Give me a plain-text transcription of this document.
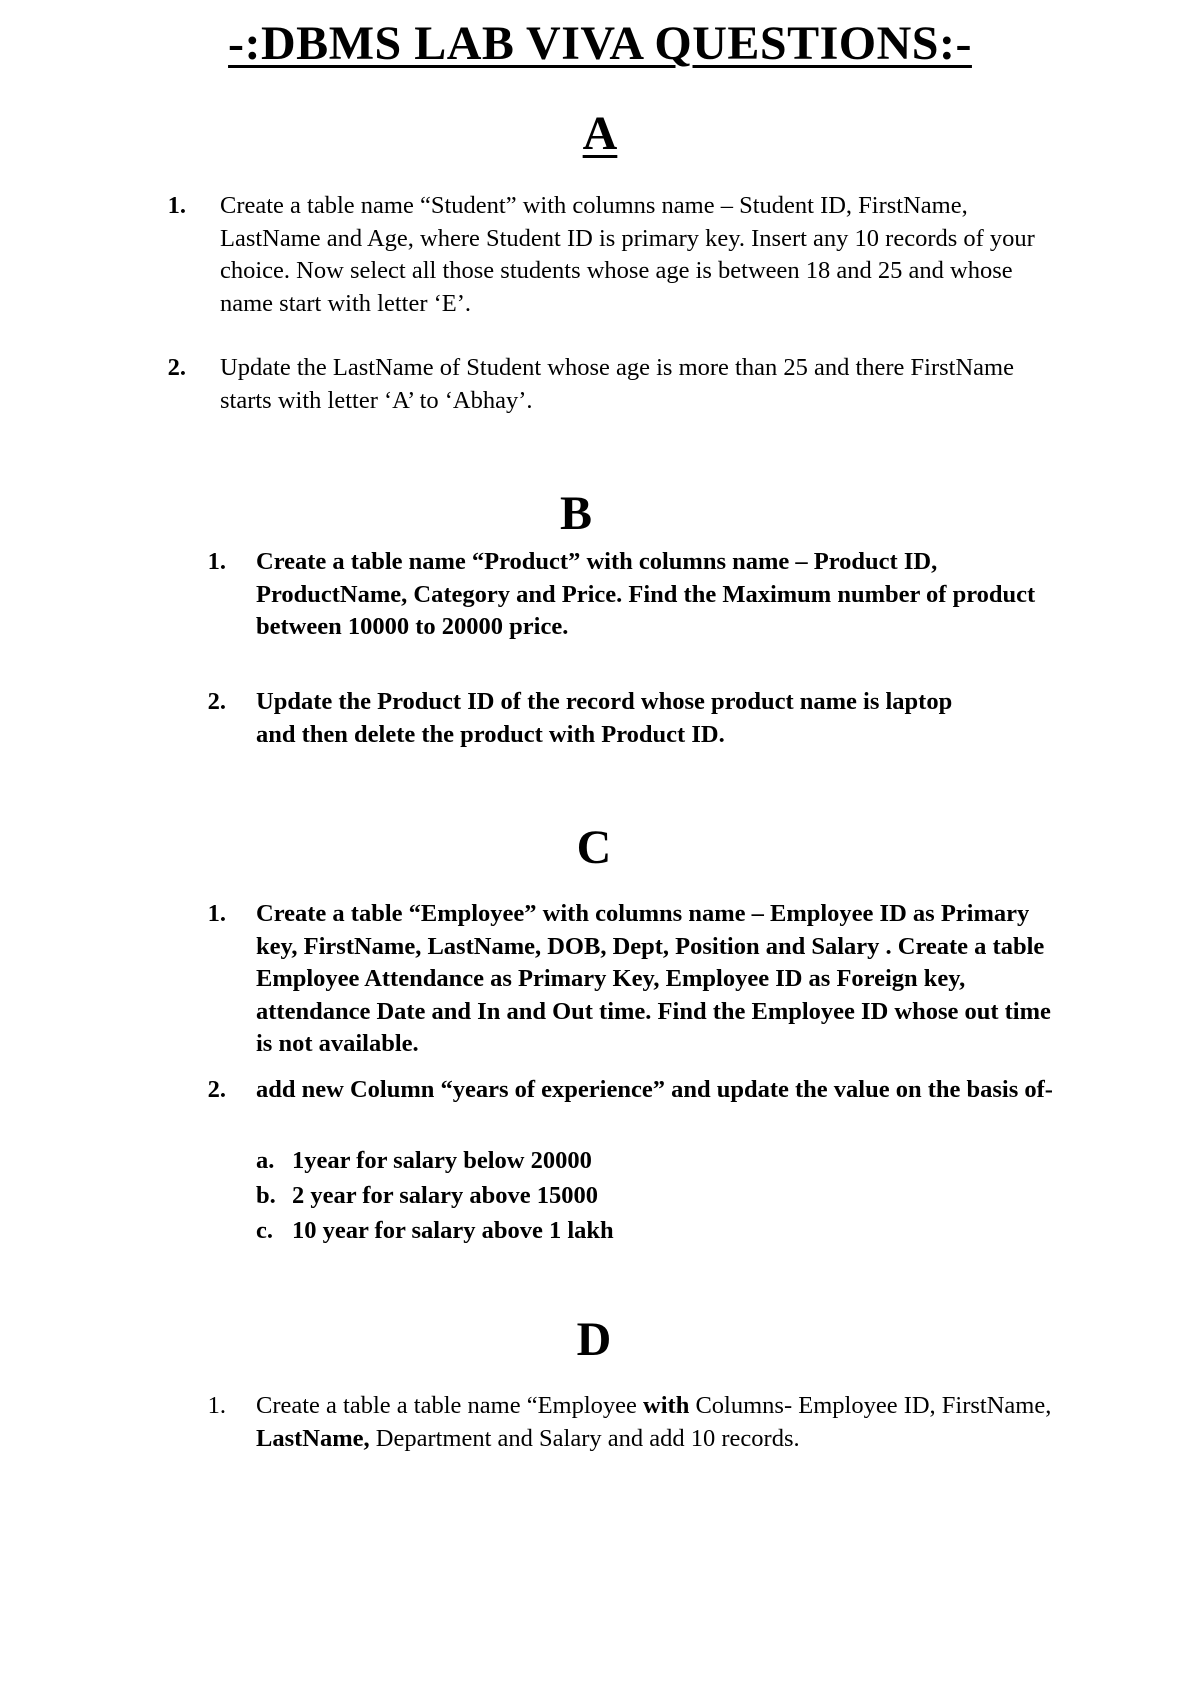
-:DBMS LAB VIVA QUESTIONS:-
A
1. Create a table name “Student” with columns name – Student ID, FirstName, LastName and Age, where Student ID is primary key. Insert any 10 records of your choice. Now select all those students whose age is between 18 and 25 and whose name start with letter ‘E’.
2. Update the LastName of Student whose age is more than 25 and there FirstName starts with letter ‘A’ to ‘Abhay’.
B
1. Create a table name “Product” with columns name – Product ID, ProductName, Category and Price. Find the Maximum number of product between 10000 to 20000 price.
2. Update the Product ID of the record whose product name is laptop and then delete the product with Product ID.
C
1. Create a table “Employee” with columns name – Employee ID as Primary key, FirstName, LastName, DOB, Dept, Position and Salary . Create a table Employee Attendance as Primary Key, Employee ID as Foreign key, attendance Date and In and Out time. Find the Employee ID whose out time is not available.
2. add new Column “years of experience” and update the value on the basis of-
a. 1year for salary below 20000
b. 2 year for salary above 15000
c. 10 year for salary above 1 lakh
D
1. Create a table a table name “Employee with Columns- Employee ID, FirstName, LastName, Department and Salary and add 10 records.
